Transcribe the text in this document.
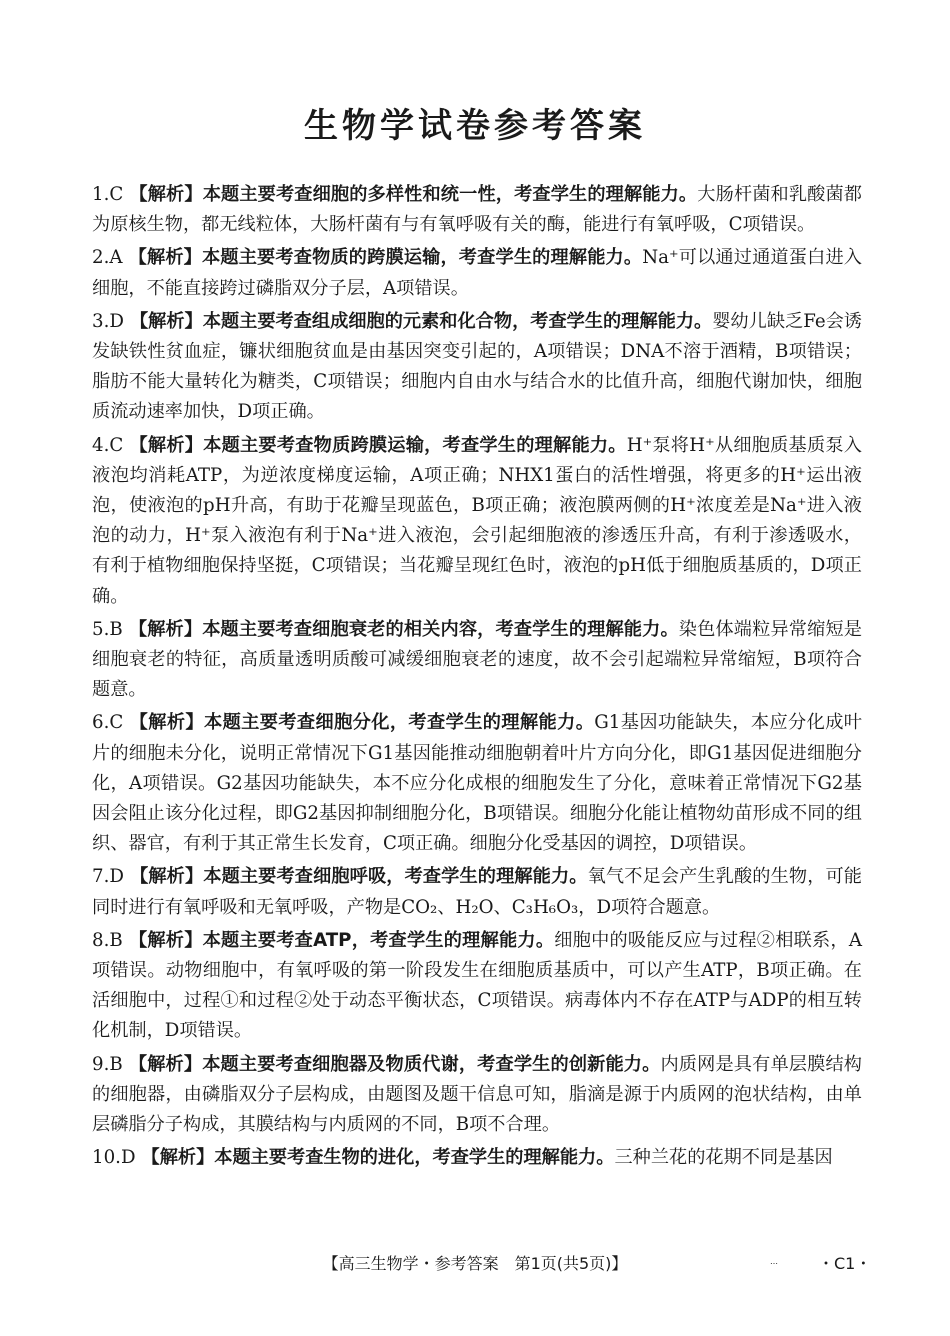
生物学试卷参考答案

1.C 【解析】本题主要考查细胞的多样性和统一性，考查学生的理解能力。大肠杆菌和乳酸菌都为原核生物，都无线粒体，大肠杆菌有与有氧呼吸有关的酶，能进行有氧呼吸，C项错误。

2.A 【解析】本题主要考查物质的跨膜运输，考查学生的理解能力。Na⁺可以通过通道蛋白进入细胞，不能直接跨过磷脂双分子层，A项错误。

3.D 【解析】本题主要考查组成细胞的元素和化合物，考查学生的理解能力。婴幼儿缺乏Fe会诱发缺铁性贫血症，镰状细胞贫血是由基因突变引起的，A项错误；DNA不溶于酒精，B项错误；脂肪不能大量转化为糖类，C项错误；细胞内自由水与结合水的比值升高，细胞代谢加快，细胞质流动速率加快，D项正确。

4.C 【解析】本题主要考查物质跨膜运输，考查学生的理解能力。H⁺泵将H⁺从细胞质基质泵入液泡均消耗ATP，为逆浓度梯度运输，A项正确；NHX1蛋白的活性增强，将更多的H⁺运出液泡，使液泡的pH升高，有助于花瓣呈现蓝色，B项正确；液泡膜两侧的H⁺浓度差是Na⁺进入液泡的动力，H⁺泵入液泡有利于Na⁺进入液泡，会引起细胞液的渗透压升高，有利于渗透吸水，有利于植物细胞保持坚挺，C项错误；当花瓣呈现红色时，液泡的pH低于细胞质基质的，D项正确。

5.B 【解析】本题主要考查细胞衰老的相关内容，考查学生的理解能力。染色体端粒异常缩短是细胞衰老的特征，高质量透明质酸可减缓细胞衰老的速度，故不会引起端粒异常缩短，B项符合题意。

6.C 【解析】本题主要考查细胞分化，考查学生的理解能力。G1基因功能缺失，本应分化成叶片的细胞未分化，说明正常情况下G1基因能推动细胞朝着叶片方向分化，即G1基因促进细胞分化，A项错误。G2基因功能缺失，本不应分化成根的细胞发生了分化，意味着正常情况下G2基因会阻止该分化过程，即G2基因抑制细胞分化，B项错误。细胞分化能让植物幼苗形成不同的组织、器官，有利于其正常生长发育，C项正确。细胞分化受基因的调控，D项错误。

7.D 【解析】本题主要考查细胞呼吸，考查学生的理解能力。氧气不足会产生乳酸的生物，可能同时进行有氧呼吸和无氧呼吸，产物是CO₂、H₂O、C₃H₆O₃，D项符合题意。

8.B 【解析】本题主要考查ATP，考查学生的理解能力。细胞中的吸能反应与过程②相联系，A项错误。动物细胞中，有氧呼吸的第一阶段发生在细胞质基质中，可以产生ATP，B项正确。在活细胞中，过程①和过程②处于动态平衡状态，C项错误。病毒体内不存在ATP与ADP的相互转化机制，D项错误。

9.B 【解析】本题主要考查细胞器及物质代谢，考查学生的创新能力。内质网是具有单层膜结构的细胞器，由磷脂双分子层构成，由题图及题干信息可知，脂滴是源于内质网的泡状结构，由单层磷脂分子构成，其膜结构与内质网的不同，B项不合理。

10.D 【解析】本题主要考查生物的进化，考查学生的理解能力。三种兰花的花期不同是基因

【高三生物学・参考答案　第1页(共5页)】	…	・C1・
